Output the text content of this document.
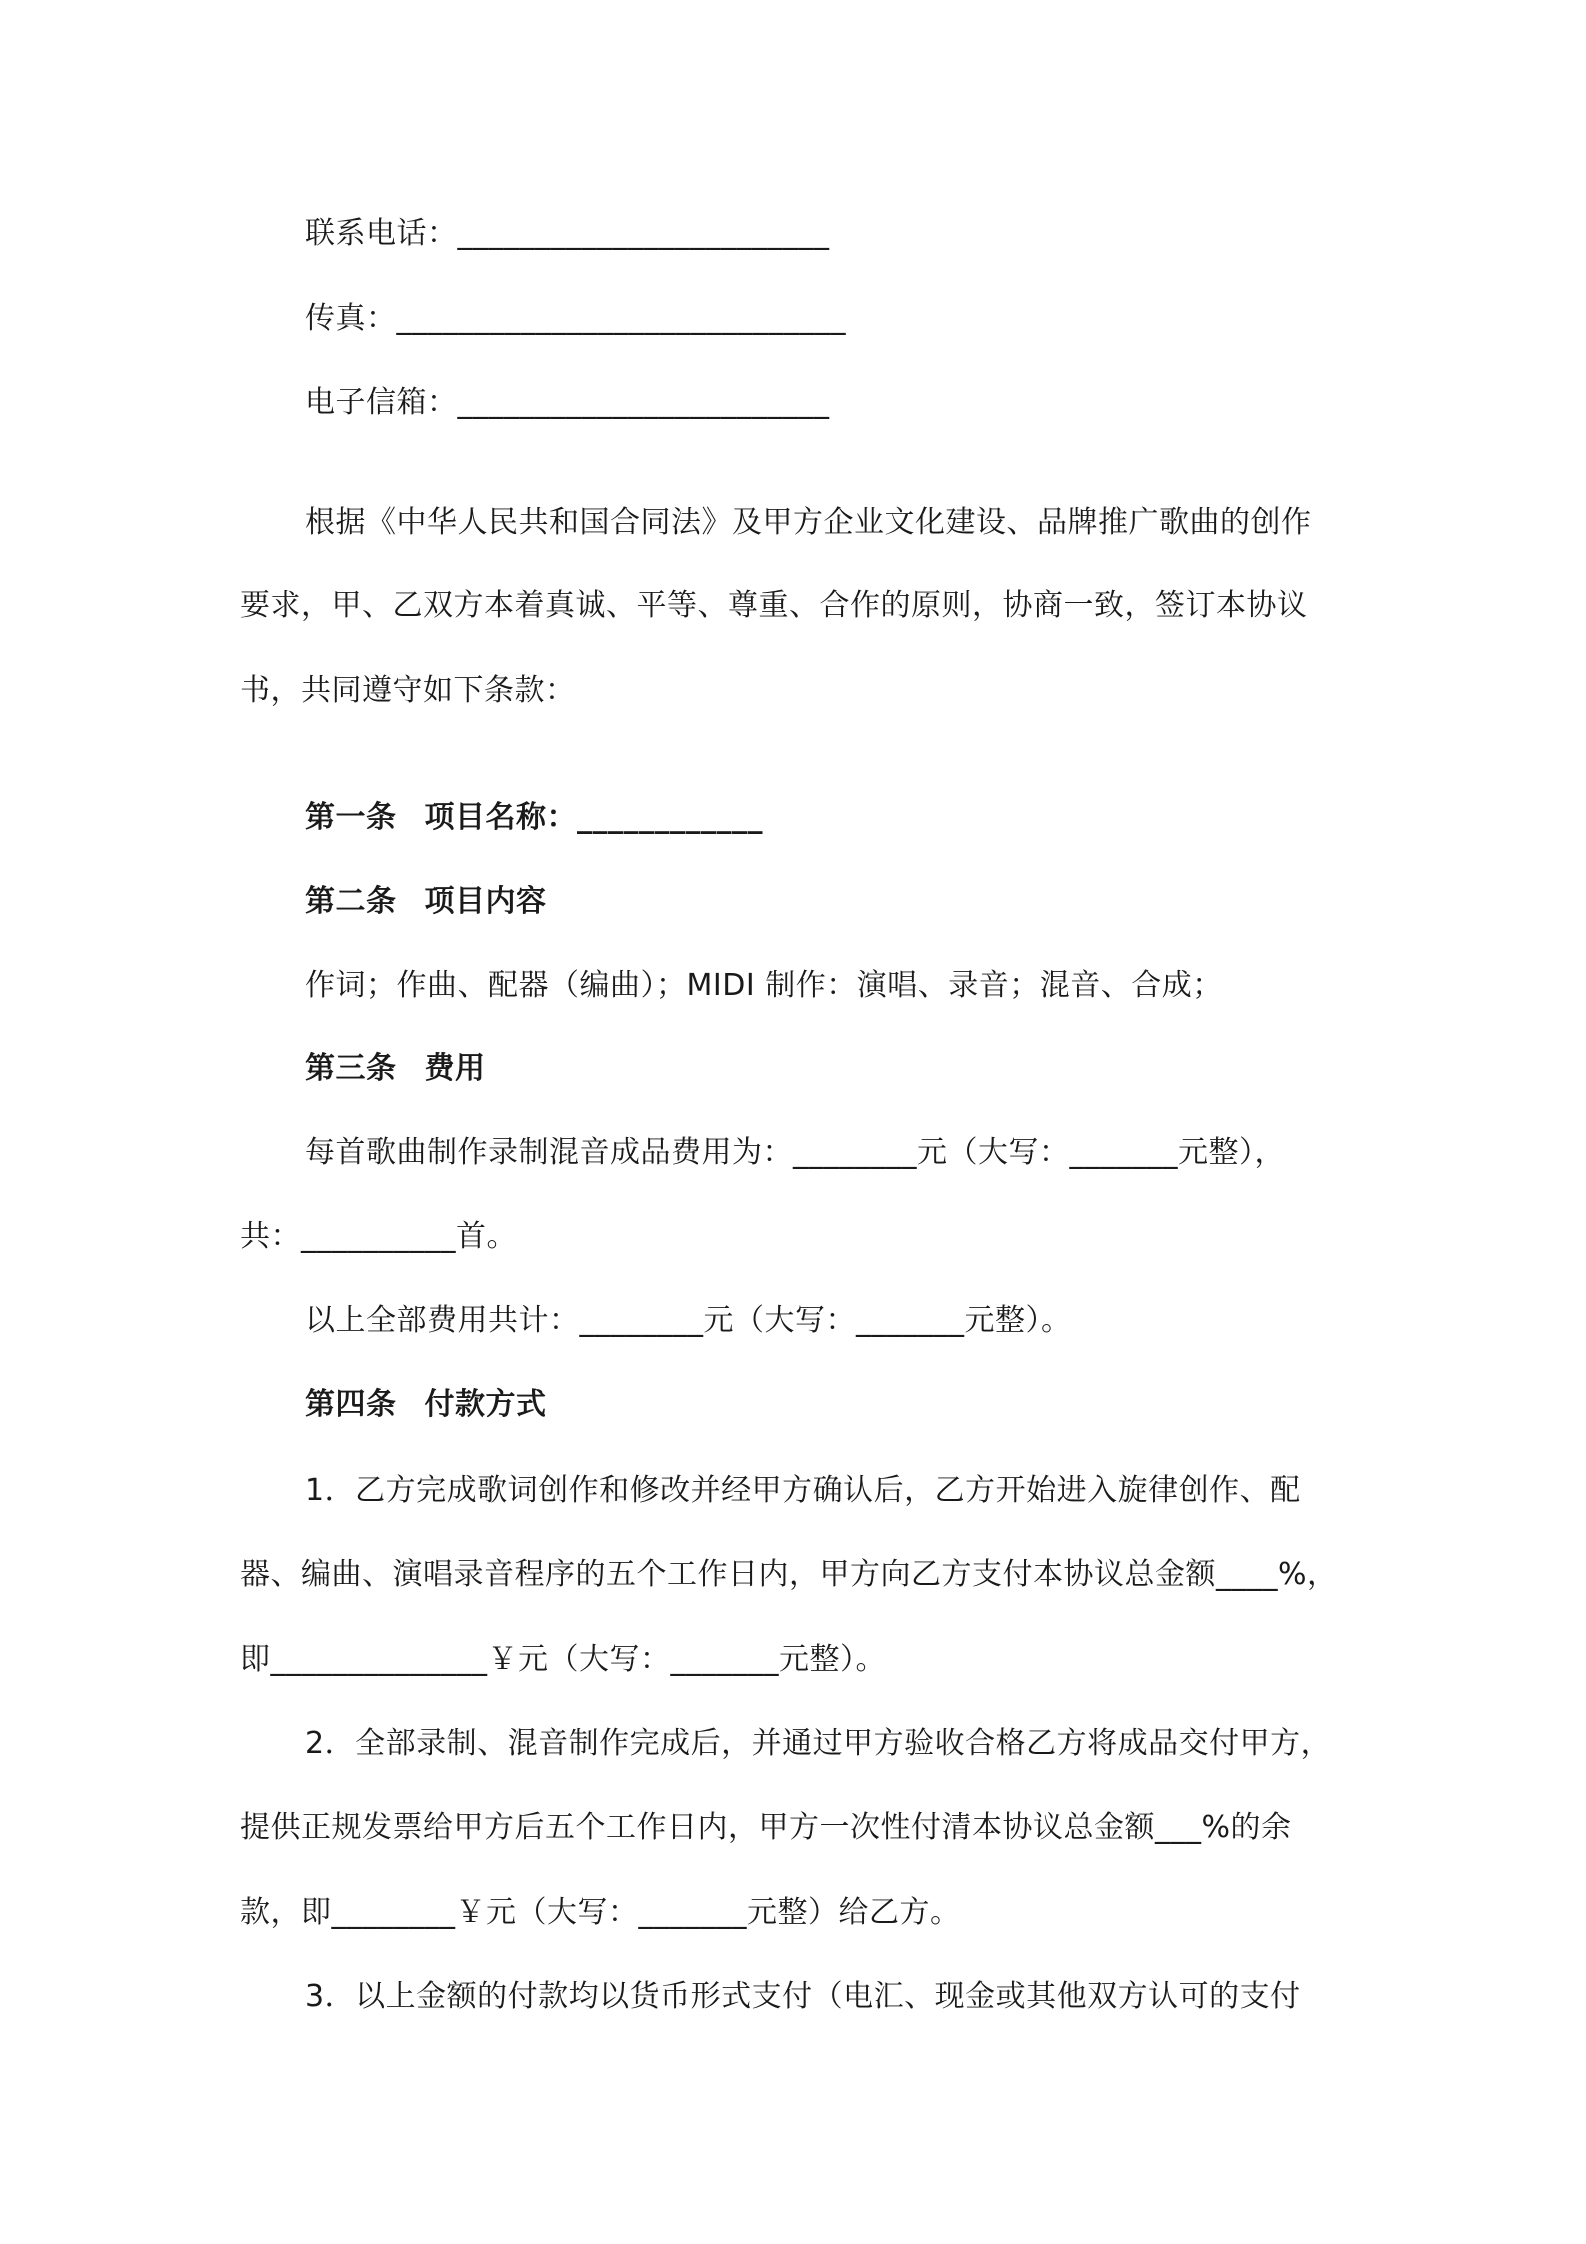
联系电话：________________________
传真：_____________________________
电子信箱：________________________
根据《中华人民共和国合同法》及甲方企业文化建设、品牌推广歌曲的创作
要求，甲、乙双方本着真诚、平等、尊重、合作的原则，协商一致，签订本协议
书，共同遵守如下条款：
第一条 项目名称：____________
第二条 项目内容
作词；作曲、配器（编曲）；MIDI 制作：演唱、录音；混音、合成；
第三条 费用
每首歌曲制作录制混音成品费用为：________元（大写：_______元整），
共：__________首。
以上全部费用共计：________元（大写：_______元整）。
第四条 付款方式
1．乙方完成歌词创作和修改并经甲方确认后，乙方开始进入旋律创作、配
器、编曲、演唱录音程序的五个工作日内，甲方向乙方支付本协议总金额____%，
即______________￥元（大写：_______元整）。
2．全部录制、混音制作完成后，并通过甲方验收合格乙方将成品交付甲方，
提供正规发票给甲方后五个工作日内，甲方一次性付清本协议总金额___%的余
款，即________￥元（大写：_______元整）给乙方。
3．以上金额的付款均以货币形式支付（电汇、现金或其他双方认可的支付
